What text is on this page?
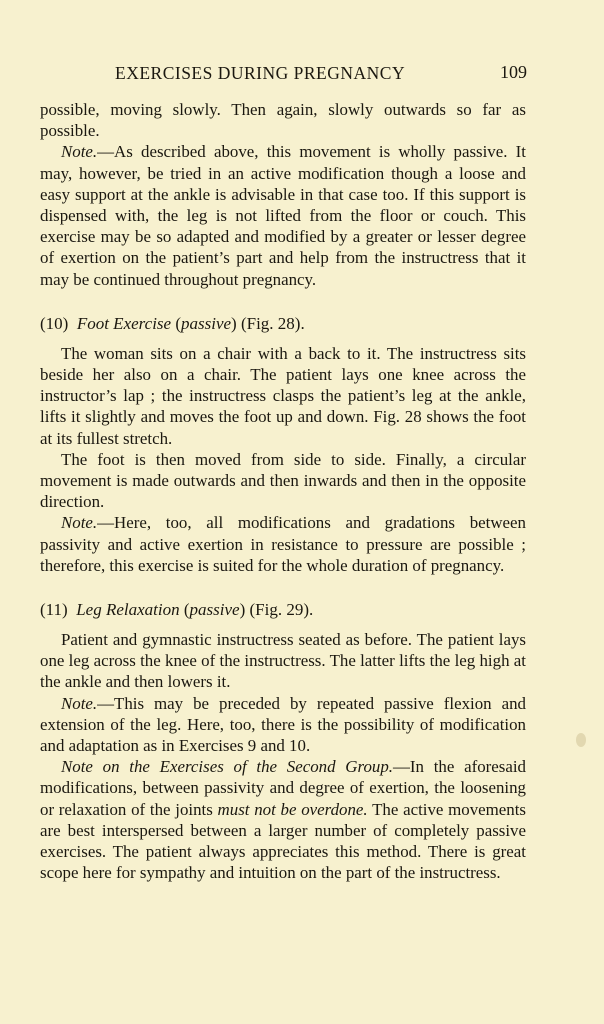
EXERCISES DURING PREGNANCY	109

possible, moving slowly. Then again, slowly outwards so far as possible.

Note.—As described above, this movement is wholly passive. It may, however, be tried in an active modification though a loose and easy support at the ankle is advisable in that case too. If this support is dispensed with, the leg is not lifted from the floor or couch. This exercise may be so adapted and modified by a greater or lesser degree of exertion on the patient’s part and help from the instructress that it may be continued throughout pregnancy.

(10) Foot Exercise (passive) (Fig. 28).

The woman sits on a chair with a back to it. The instructress sits beside her also on a chair. The patient lays one knee across the instructor’s lap ; the instructress clasps the patient’s leg at the ankle, lifts it slightly and moves the foot up and down. Fig. 28 shows the foot at its fullest stretch.

The foot is then moved from side to side. Finally, a circular movement is made outwards and then inwards and then in the opposite direction.

Note.—Here, too, all modifications and gradations between passivity and active exertion in resistance to pressure are possible ; therefore, this exercise is suited for the whole duration of pregnancy.

(11) Leg Relaxation (passive) (Fig. 29).

Patient and gymnastic instructress seated as before. The patient lays one leg across the knee of the instructress. The latter lifts the leg high at the ankle and then lowers it.

Note.—This may be preceded by repeated passive flexion and extension of the leg. Here, too, there is the possibility of modification and adaptation as in Exercises 9 and 10.

Note on the Exercises of the Second Group.—In the aforesaid modifications, between passivity and degree of exertion, the loosening or relaxation of the joints must not be overdone. The active movements are best interspersed between a larger number of completely passive exercises. The patient always appreciates this method. There is great scope here for sympathy and intuition on the part of the instructress.
